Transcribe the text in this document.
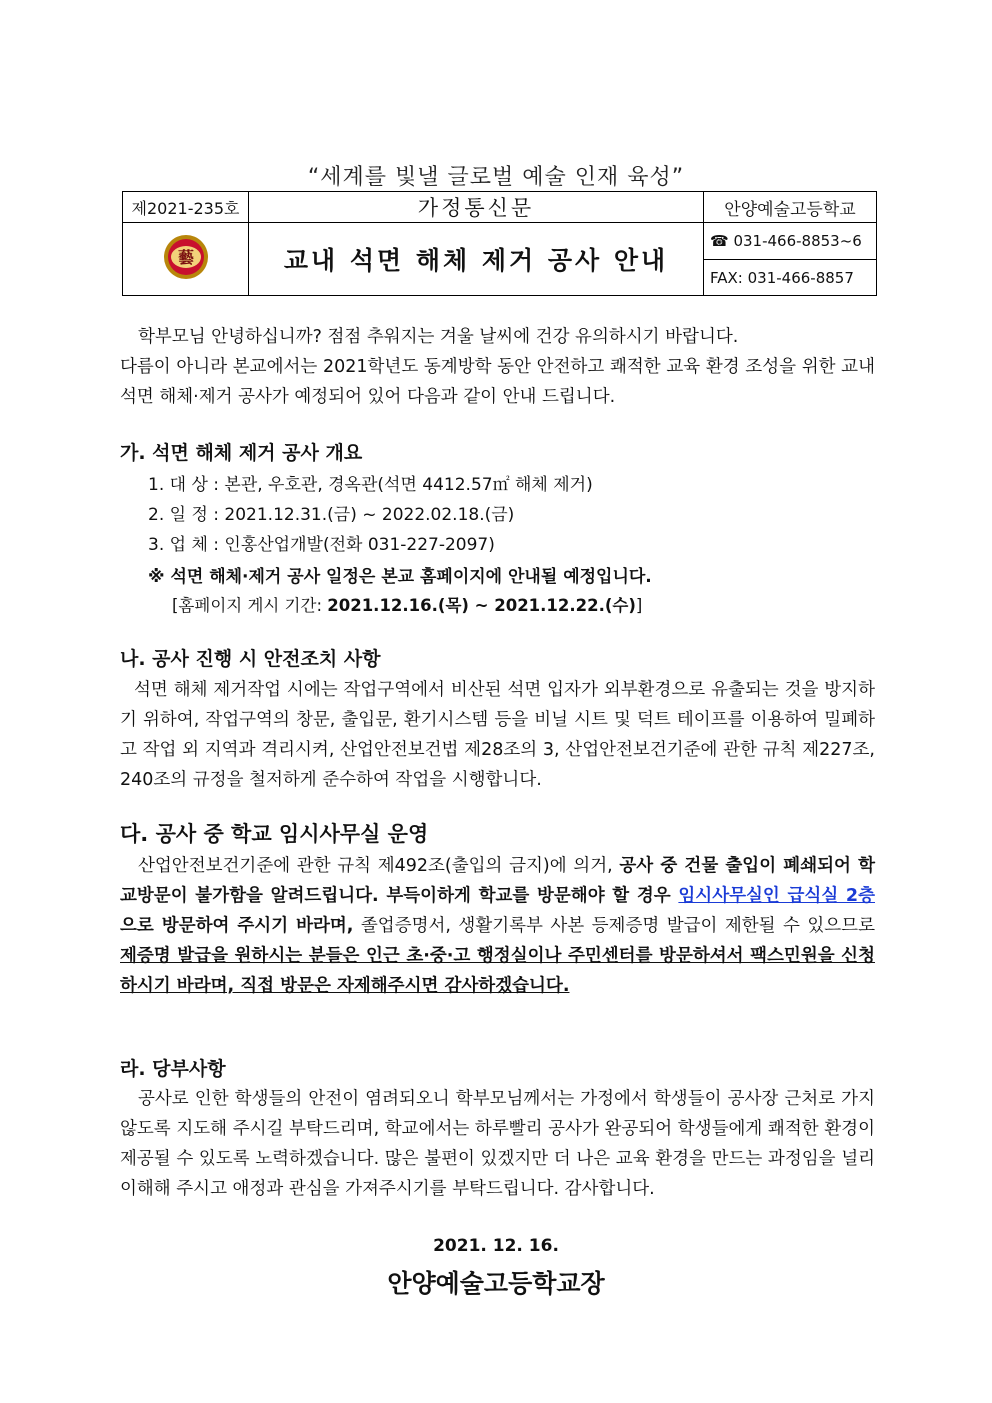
“세계를 빛낼 글로벌 예술 인재 육성”
제2021-235호	가정통신문	안양예술고등학교

藝	교내 석면 해체 제거 공사 안내	☎ 031-466-8853~6
		FAX: 031-466-8857
학부모님 안녕하십니까? 점점 추워지는 겨울 날씨에 건강 유의하시기 바랍니다.
다름이 아니라 본교에서는 2021학년도 동계방학 동안 안전하고 쾌적한 교육 환경 조성을 위한 교내 석면 해체·제거 공사가 예정되어 있어 다음과 같이 안내 드립니다.
가. 석면 해체 제거 공사 개요
1. 대 상 : 본관, 우호관, 경옥관(석면 4412.57㎡ 해체 제거)
2. 일 정 : 2021.12.31.(금) ~ 2022.02.18.(금)
3. 업 체 : 인홍산업개발(전화 031-227-2097)
※ 석면 해체·제거 공사 일정은 본교 홈페이지에 안내될 예정입니다.
[홈페이지 게시 기간: 2021.12.16.(목) ~ 2021.12.22.(수)]
나. 공사 진행 시 안전조치 사항
석면 해체 제거작업 시에는 작업구역에서 비산된 석면 입자가 외부환경으로 유출되는 것을 방지하기 위하여, 작업구역의 창문, 출입문, 환기시스템 등을 비닐 시트 및 덕트 테이프를 이용하여 밀폐하고 작업 외 지역과 격리시켜, 산업안전보건법 제28조의 3, 산업안전보건기준에 관한 규칙 제227조, 240조의 규정을 철저하게 준수하여 작업을 시행합니다.
다. 공사 중 학교 임시사무실 운영
산업안전보건기준에 관한 규칙 제492조(출입의 금지)에 의거, 공사 중 건물 출입이 폐쇄되어 학교방문이 불가함을 알려드립니다. 부득이하게 학교를 방문해야 할 경우 임시사무실인 급식실 2층으로 방문하여 주시기 바라며, 졸업증명서, 생활기록부 사본 등제증명 발급이 제한될 수 있으므로 제증명 발급을 원하시는 분들은 인근 초·중·고 행정실이나 주민센터를 방문하셔서 팩스민원을 신청하시기 바라며, 직접 방문은 자제해주시면 감사하겠습니다.
라. 당부사항
공사로 인한 학생들의 안전이 염려되오니 학부모님께서는 가정에서 학생들이 공사장 근처로 가지 않도록 지도해 주시길 부탁드리며, 학교에서는 하루빨리 공사가 완공되어 학생들에게 쾌적한 환경이 제공될 수 있도록 노력하겠습니다. 많은 불편이 있겠지만 더 나은 교육 환경을 만드는 과정임을 널리 이해해 주시고 애정과 관심을 가져주시기를 부탁드립니다. 감사합니다.
2021. 12. 16.
안양예술고등학교장
